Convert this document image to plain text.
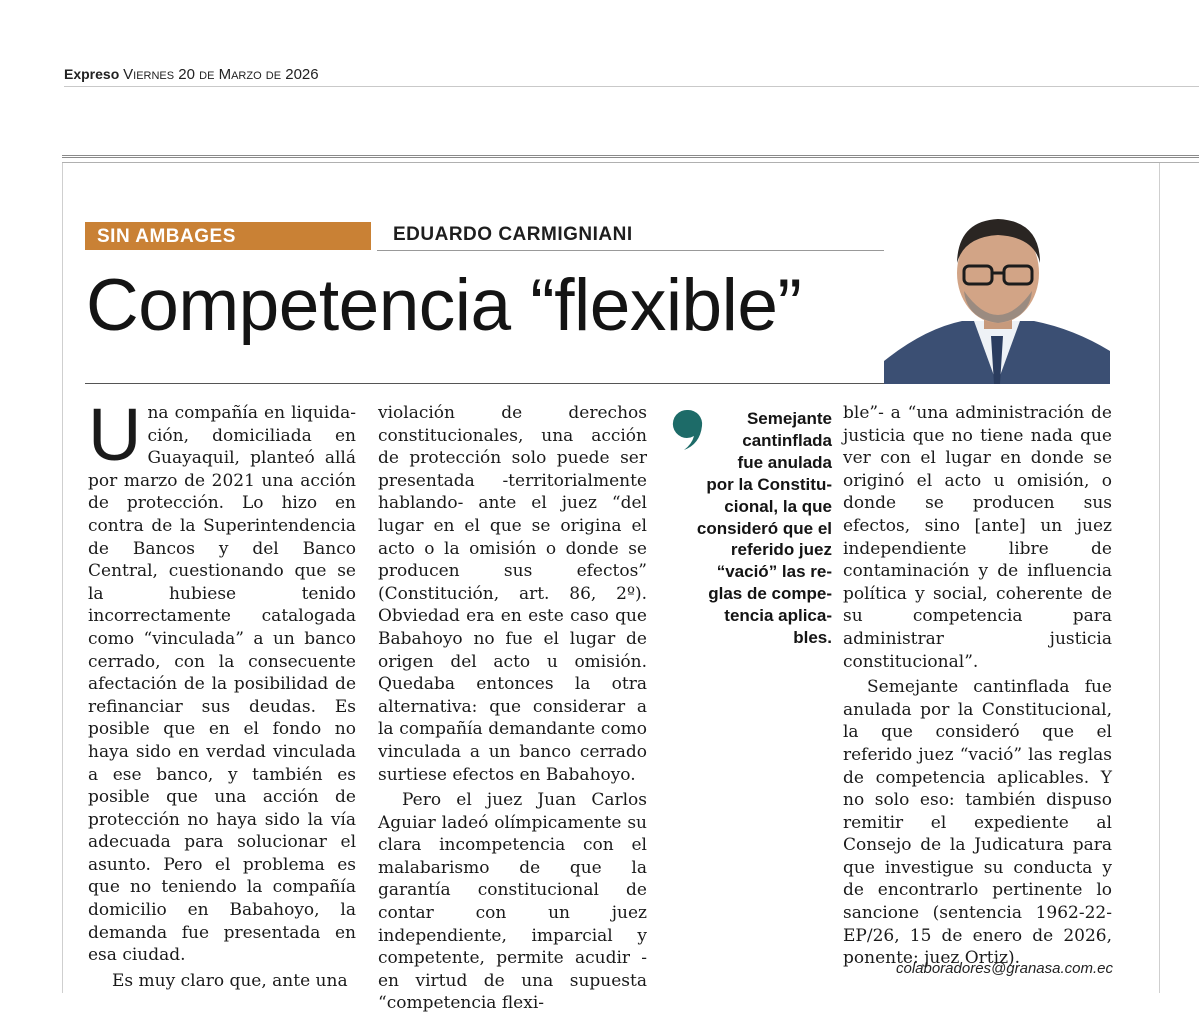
Expreso Viernes 20 de Marzo de 2026
SIN AMBAGES	EDUARDO CARMIGNIANI
Competencia “flexible”

Una compañía en liquida-ción, domiciliada en Guayaquil, planteó allá por marzo de 2021 una acción de protección. Lo hizo en contra de la Superintendencia de Bancos y del Banco Central, cuestionando que se la hubiese tenido incorrectamente catalogada como “vinculada” a un banco cerrado, con la consecuente afectación de la posibilidad de refinanciar sus deudas. Es posible que en el fondo no haya sido en verdad vinculada a ese banco, y también es posible que una acción de protección no haya sido la vía adecuada para solucionar el asunto. Pero el problema es que no teniendo la compañía domicilio en Babahoyo, la demanda fue presentada en esa ciudad.

Es muy claro que, ante una

violación de derechos constitucionales, una acción de protección solo puede ser presentada -territorialmente hablando- ante el juez “del lugar en el que se origina el acto o la omisión o donde se producen sus efectos” (Constitución, art. 86, 2º). Obviedad era en este caso que Babahoyo no fue el lugar de origen del acto u omisión. Quedaba entonces la otra alternativa: que considerar a la compañía demandante como vinculada a un banco cerrado surtiese efectos en Babahoyo.

Pero el juez Juan Carlos Aguiar ladeó olímpicamente su clara incompetencia con el malabarismo de que la garantía constitucional de contar con un juez independiente, imparcial y competente, permite acudir -en virtud de una supuesta “competencia flexi-

Semejante
cantinflada
fue anulada
por la Constitu-
cional, la que
consideró que el
referido juez
“vació” las re-
glas de compe-
tencia aplica-
bles.

ble”- a “una administración de justicia que no tiene nada que ver con el lugar en donde se originó el acto u omisión, o donde se producen sus efectos, sino [ante] un juez independiente libre de contaminación y de influencia política y social, coherente de su competencia para administrar justicia constitucional”.

Semejante cantinflada fue anulada por la Constitucional, la que consideró que el referido juez “vació” las reglas de competencia aplicables. Y no solo eso: también dispuso remitir el expediente al Consejo de la Judicatura para que investigue su conducta y de encontrarlo pertinente lo sancione (sentencia 1962-22-EP/26, 15 de enero de 2026, ponente: juez Ortiz).

colaboradores@granasa.com.ec
